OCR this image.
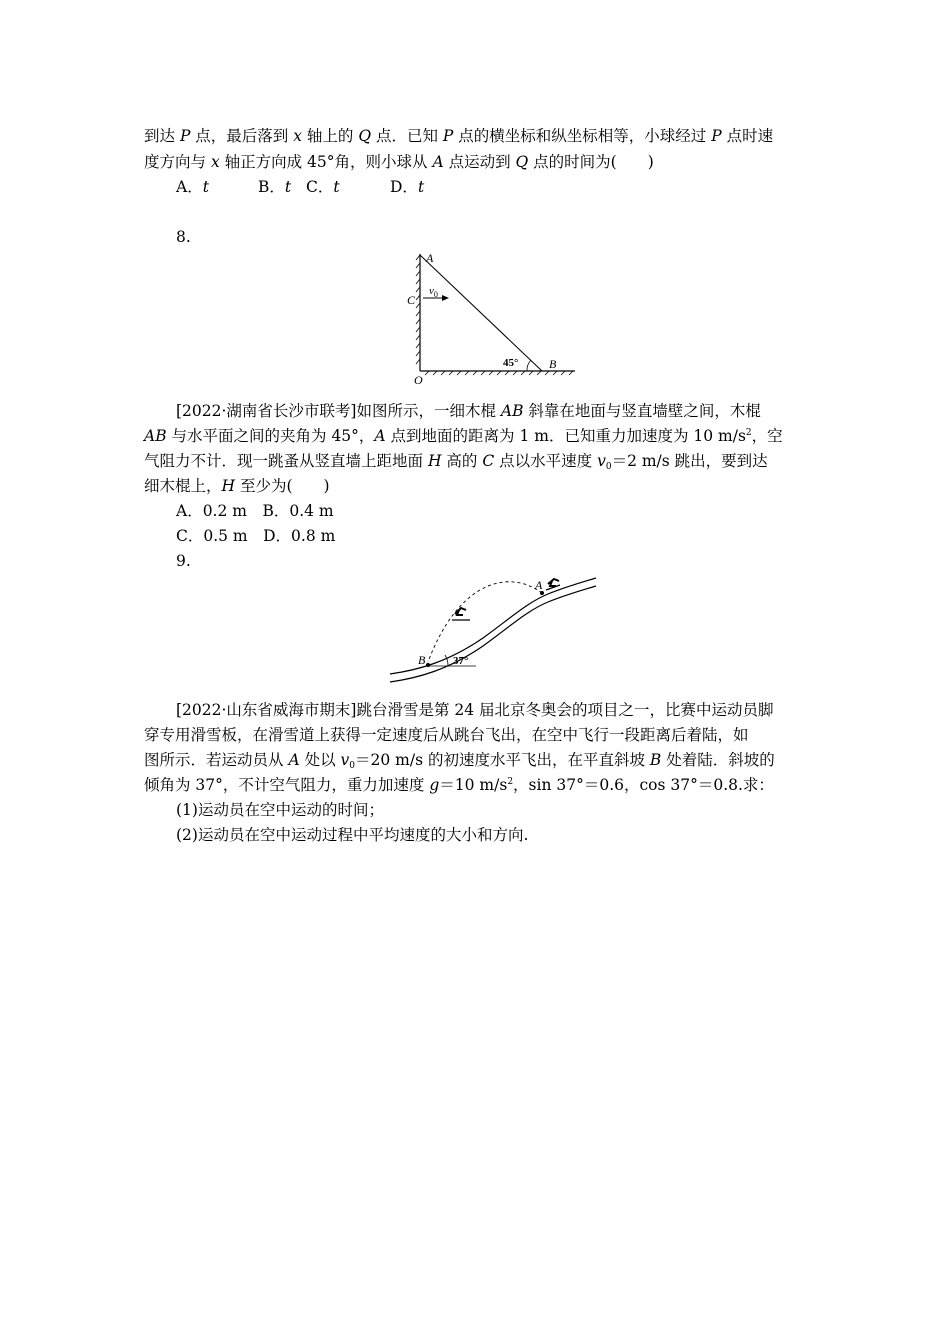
到达 P 点，最后落到 x 轴上的 Q 点．已知 P 点的横坐标和纵坐标相等，小球经过 P 点时速
度方向与 x 轴正方向成 45°角，则小球从 A 点运动到 Q 点的时间为(　　)
A．t	B．t C．t	D．t
8.
A
C
$v_0$
45°	B
O
[2022·湖南省长沙市联考]如图所示，一细木棍 AB 斜靠在地面与竖直墙壁之间，木棍
AB 与水平面之间的夹角为 45°，A 点到地面的距离为 1 m．已知重力加速度为 10 $m/s^2$，空
气阻力不计．现一跳蚤从竖直墙上距地面 H 高的 C 点以水平速度 $v_0=2$ m/s 跳出，要到达
细木棍上，H 至少为(　　)
A．0.2 m　B．0.4 m
C．0.5 m　D．0.8 m
9.
A
B	37°
[2022·山东省威海市期末]跳台滑雪是第 24 届北京冬奥会的项目之一，比赛中运动员脚
穿专用滑雪板，在滑雪道上获得一定速度后从跳台飞出，在空中飞行一段距离后着陆，如
图所示．若运动员从 A 处以 $v_0=20$ m/s 的初速度水平飞出，在平直斜坡 B 处着陆．斜坡的
倾角为 37°，不计空气阻力，重力加速度 g＝10 $m/s^2$，sin 37°＝0.6，cos 37°＝0.8.求：
(1)运动员在空中运动的时间；
(2)运动员在空中运动过程中平均速度的大小和方向.
